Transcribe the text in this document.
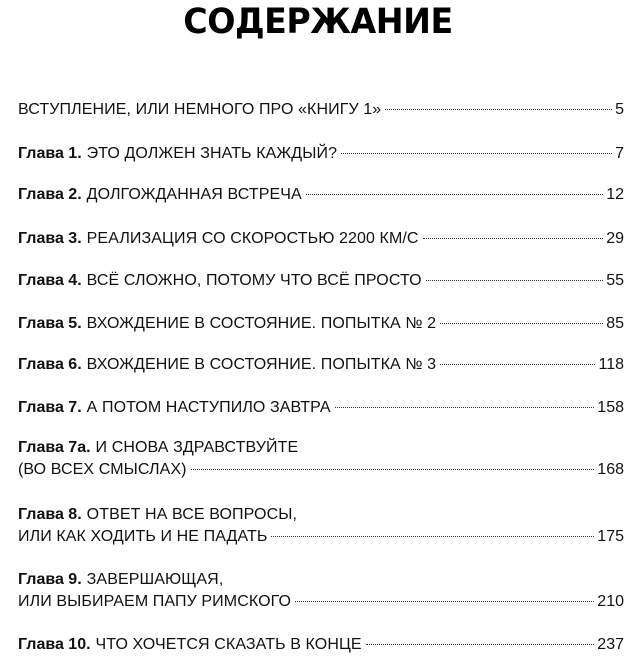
СОДЕРЖАНИЕ
ВСТУПЛЕНИЕ, ИЛИ НЕМНОГО ПРО «КНИГУ 1»	5
Глава 1. ЭТО ДОЛЖЕН ЗНАТЬ КАЖДЫЙ?	7
Глава 2. ДОЛГОЖДАННАЯ ВСТРЕЧА	12
Глава 3. РЕАЛИЗАЦИЯ СО СКОРОСТЬЮ 2200 КМ/С	29
Глава 4. ВСЁ СЛОЖНО, ПОТОМУ ЧТО ВСЁ ПРОСТО	55
Глава 5. ВХОЖДЕНИЕ В СОСТОЯНИЕ. ПОПЫТКА № 2	85
Глава 6. ВХОЖДЕНИЕ В СОСТОЯНИЕ. ПОПЫТКА № 3	118
Глава 7. А ПОТОМ НАСТУПИЛО ЗАВТРА	158
Глава 7а. И СНОВА ЗДРАВСТВУЙТЕ
(ВО ВСЕХ СМЫСЛАХ)	168
Глава 8. ОТВЕТ НА ВСЕ ВОПРОСЫ,
ИЛИ КАК ХОДИТЬ И НЕ ПАДАТЬ	175
Глава 9. ЗАВЕРШАЮЩАЯ,
ИЛИ ВЫБИРАЕМ ПАПУ РИМСКОГО	210
Глава 10. ЧТО ХОЧЕТСЯ СКАЗАТЬ В КОНЦЕ	237
